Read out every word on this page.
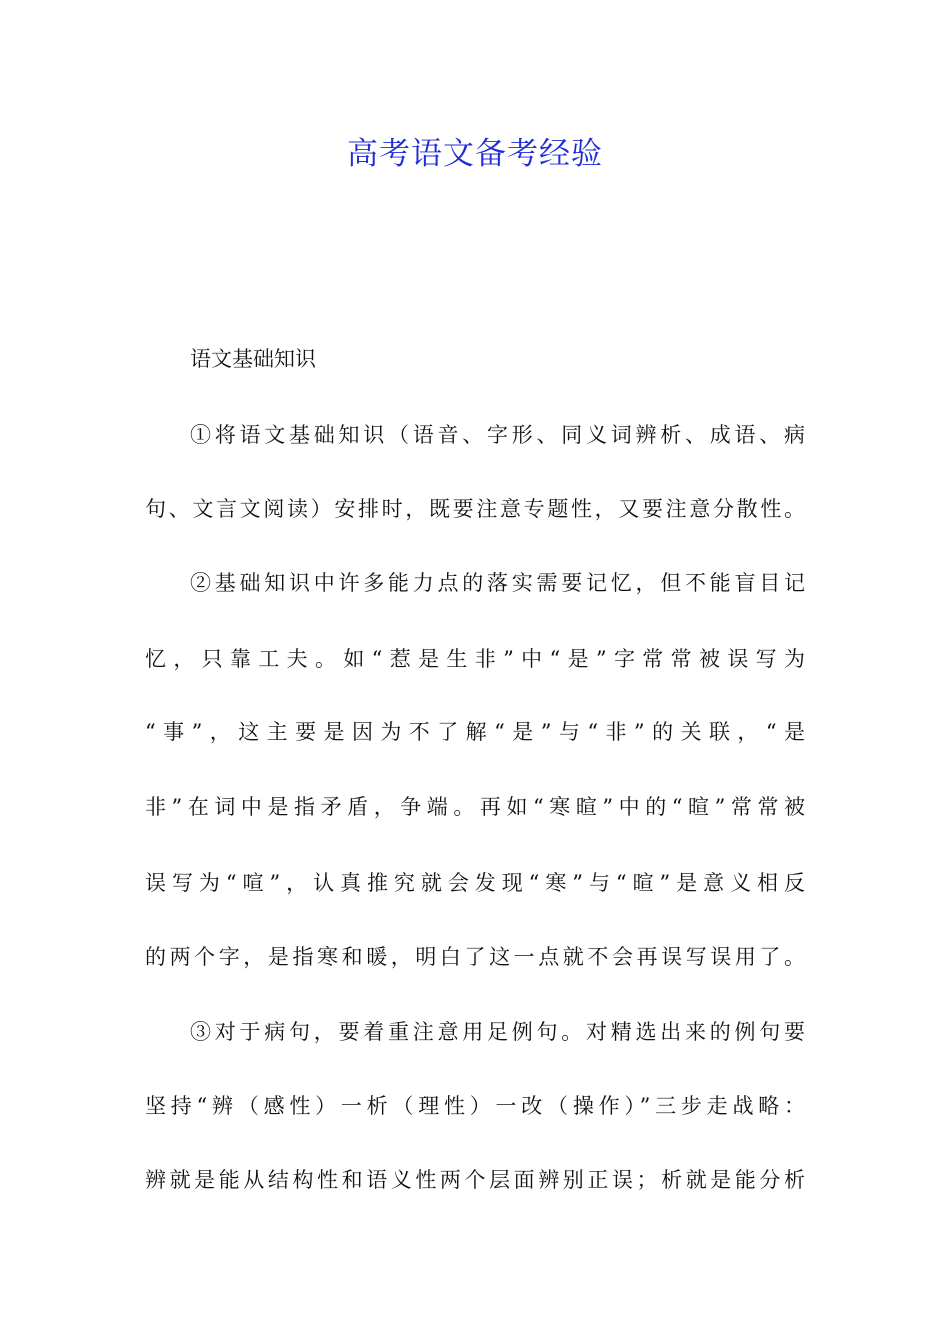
高考语文备考经验
语文基础知识
①将语文基础知识（语音、字形、同义词辨析、成语、病
句、文言文阅读）安排时，既要注意专题性，又要注意分散性。
②基础知识中许多能力点的落实需要记忆，但不能盲目记
忆，只靠工夫。如“惹是生非”中“是”字常常被误写为
“事”，这主要是因为不了解“是”与“非”的关联，“是
非”在词中是指矛盾，争端。再如“寒暄”中的“暄”常常被
误写为“喧”，认真推究就会发现“寒”与“暄”是意义相反
的两个字，是指寒和暖，明白了这一点就不会再误写误用了。
③对于病句，要着重注意用足例句。对精选出来的例句要
坚持“辨（感性）一析（理性）一改（操作）”三步走战略：
辨就是能从结构性和语义性两个层面辨别正误；析就是能分析
